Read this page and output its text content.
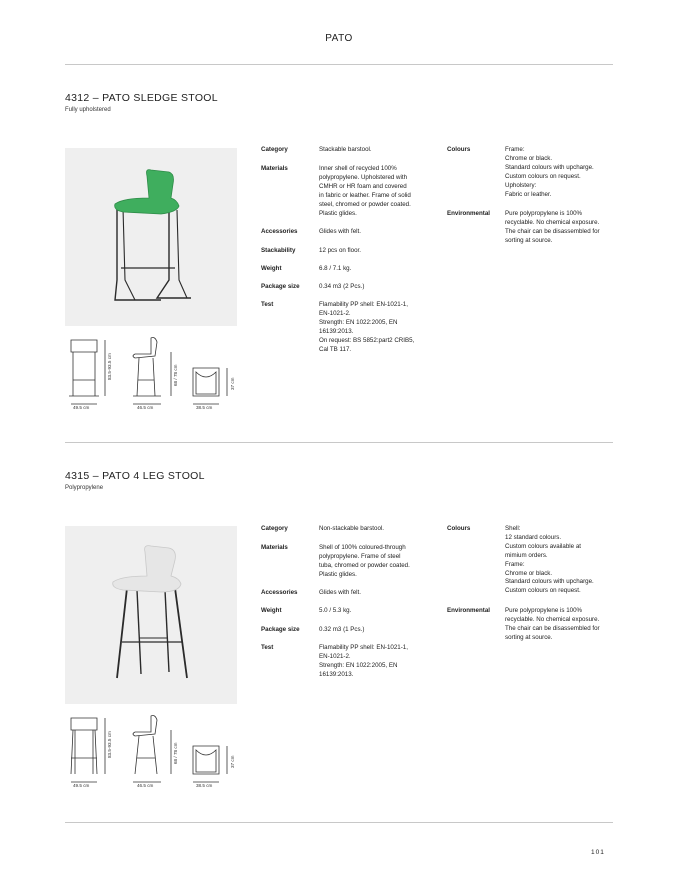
PATO
4312 – PATO SLEDGE STOOL
Fully upholstered
49.5 cm
83.5-93.5 cm
46.5 cm
68 / 78 cm
38.5 cm
37 cm
Category	Stackable barstool.
Materials	Inner shell of recycled 100%
polypropylene. Upholstered with
CMHR or HR foam and covered
in fabric or leather. Frame of solid
steel, chromed or powder coated.
Plastic glides.
Accessories	Glides with felt.
Stackability	12 pcs on floor.
Weight	6.8 / 7.1 kg.
Package size	0.34 m3 (2 Pcs.)
Test	Flamability PP shell: EN-1021-1,
EN-1021-2.
Strength: EN 1022:2005, EN
16139:2013.
On request: BS 5852:part2 CRIB5,
Cal TB 117.
Colours	Frame:
Chrome or black.
Standard colours with upcharge.
Custom colours on request.
Upholstery:
Fabric or leather.
Environmental Pure polypropylene is 100%
recyclable. No chemical exposure.
The chair can be disassembled for
sorting at source.
4315 – PATO 4 LEG STOOL
Polypropylene
49.5 cm
83.5-93.5 cm
46.5 cm
68 / 78 cm
38.5 cm
37 cm
Category	Non-stackable barstool.
Materials	Shell of 100% coloured-through
polypropylene. Frame of steel
tuba, chromed or powder coated.
Plastic glides.
Accessories	Glides with felt.
Weight	5.0 / 5.3 kg.
Package size	0.32 m3 (1 Pcs.)
Test	Flamability PP shell: EN-1021-1,
EN-1021-2.
Strength: EN 1022:2005, EN
16139:2013.
Colours	Shell:
12 standard colours.
Custom colours available at
mimium orders.
Frame:
Chrome or black.
Standard colours with upcharge.
Custom colours on request.
Environmental Pure polypropylene is 100%
recyclable. No chemical exposure.
The chair can be disassembled for
sorting at source.
101
